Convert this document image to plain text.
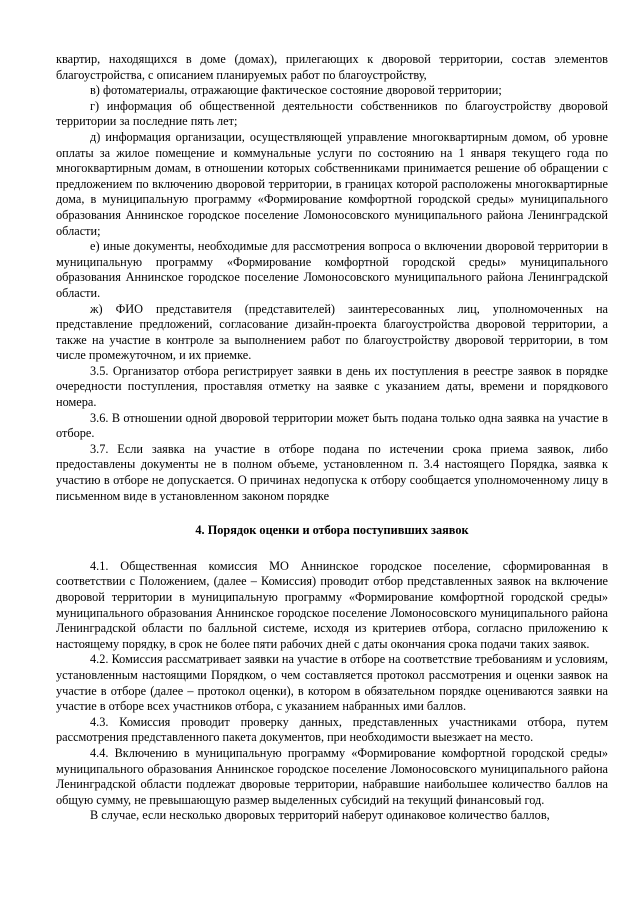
квартир, находящихся в доме (домах), прилегающих к дворовой территории, состав элементов благоустройства, с описанием планируемых работ по благоустройству,

в) фотоматериалы, отражающие фактическое состояние дворовой территории;

г) информация об общественной деятельности собственников по благоустройству дворовой территории за последние пять лет;

д) информация организации, осуществляющей управление многоквартирным домом, об уровне оплаты за жилое помещение и коммунальные услуги по состоянию на 1 января текущего года по многоквартирным домам, в отношении которых собственниками принимается решение об обращении с предложением по включению дворовой территории, в границах которой расположены многоквартирные дома, в муниципальную программу «Формирование комфортной городской среды» муниципального образования Аннинское городское поселение Ломоносовского муниципального района Ленинградской области;

е) иные документы, необходимые для рассмотрения вопроса о включении дворовой территории в муниципальную программу «Формирование комфортной городской среды» муниципального образования Аннинское городское поселение Ломоносовского муниципального района Ленинградской области.

ж) ФИО представителя (представителей) заинтересованных лиц, уполномоченных на представление предложений, согласование дизайн-проекта благоустройства дворовой территории, а также на участие в контроле за выполнением работ по благоустройству дворовой территории, в том числе промежуточном, и их приемке.

3.5. Организатор отбора регистрирует заявки в день их поступления в реестре заявок в порядке очередности поступления, проставляя отметку на заявке с указанием даты, времени и порядкового номера.

3.6. В отношении одной дворовой территории может быть подана только одна заявка на участие в отборе.

3.7. Если заявка на участие в отборе подана по истечении срока приема заявок, либо предоставлены документы не в полном объеме, установленном п. 3.4 настоящего Порядка, заявка к участию в отборе не допускается. О причинах недопуска к отбору сообщается уполномоченному лицу в письменном виде в установленном законом порядке

4. Порядок оценки и отбора поступивших заявок

4.1. Общественная комиссия МО Аннинское городское поселение, сформированная в соответствии с Положением, (далее – Комиссия) проводит отбор представленных заявок на включение дворовой территории в муниципальную программу «Формирование комфортной городской среды» муниципального образования Аннинское городское поселение Ломоносовского муниципального района Ленинградской области по балльной системе, исходя из критериев отбора, согласно приложению к настоящему порядку, в срок не более пяти рабочих дней с даты окончания срока подачи таких заявок.

4.2. Комиссия рассматривает заявки на участие в отборе на соответствие требованиям и условиям, установленным настоящими Порядком, о чем составляется протокол рассмотрения и оценки заявок на участие в отборе (далее – протокол оценки), в котором в обязательном порядке оцениваются заявки на участие в отборе всех участников отбора, с указанием набранных ими баллов.

4.3. Комиссия проводит проверку данных, представленных участниками отбора, путем рассмотрения представленного пакета документов, при необходимости выезжает на место.

4.4. Включению в муниципальную программу «Формирование комфортной городской среды» муниципального образования Аннинское городское поселение Ломоносовского муниципального района Ленинградской области подлежат дворовые территории, набравшие наибольшее количество баллов на общую сумму, не превышающую размер выделенных субсидий на текущий финансовый год.

В случае, если несколько дворовых территорий наберут одинаковое количество баллов,
